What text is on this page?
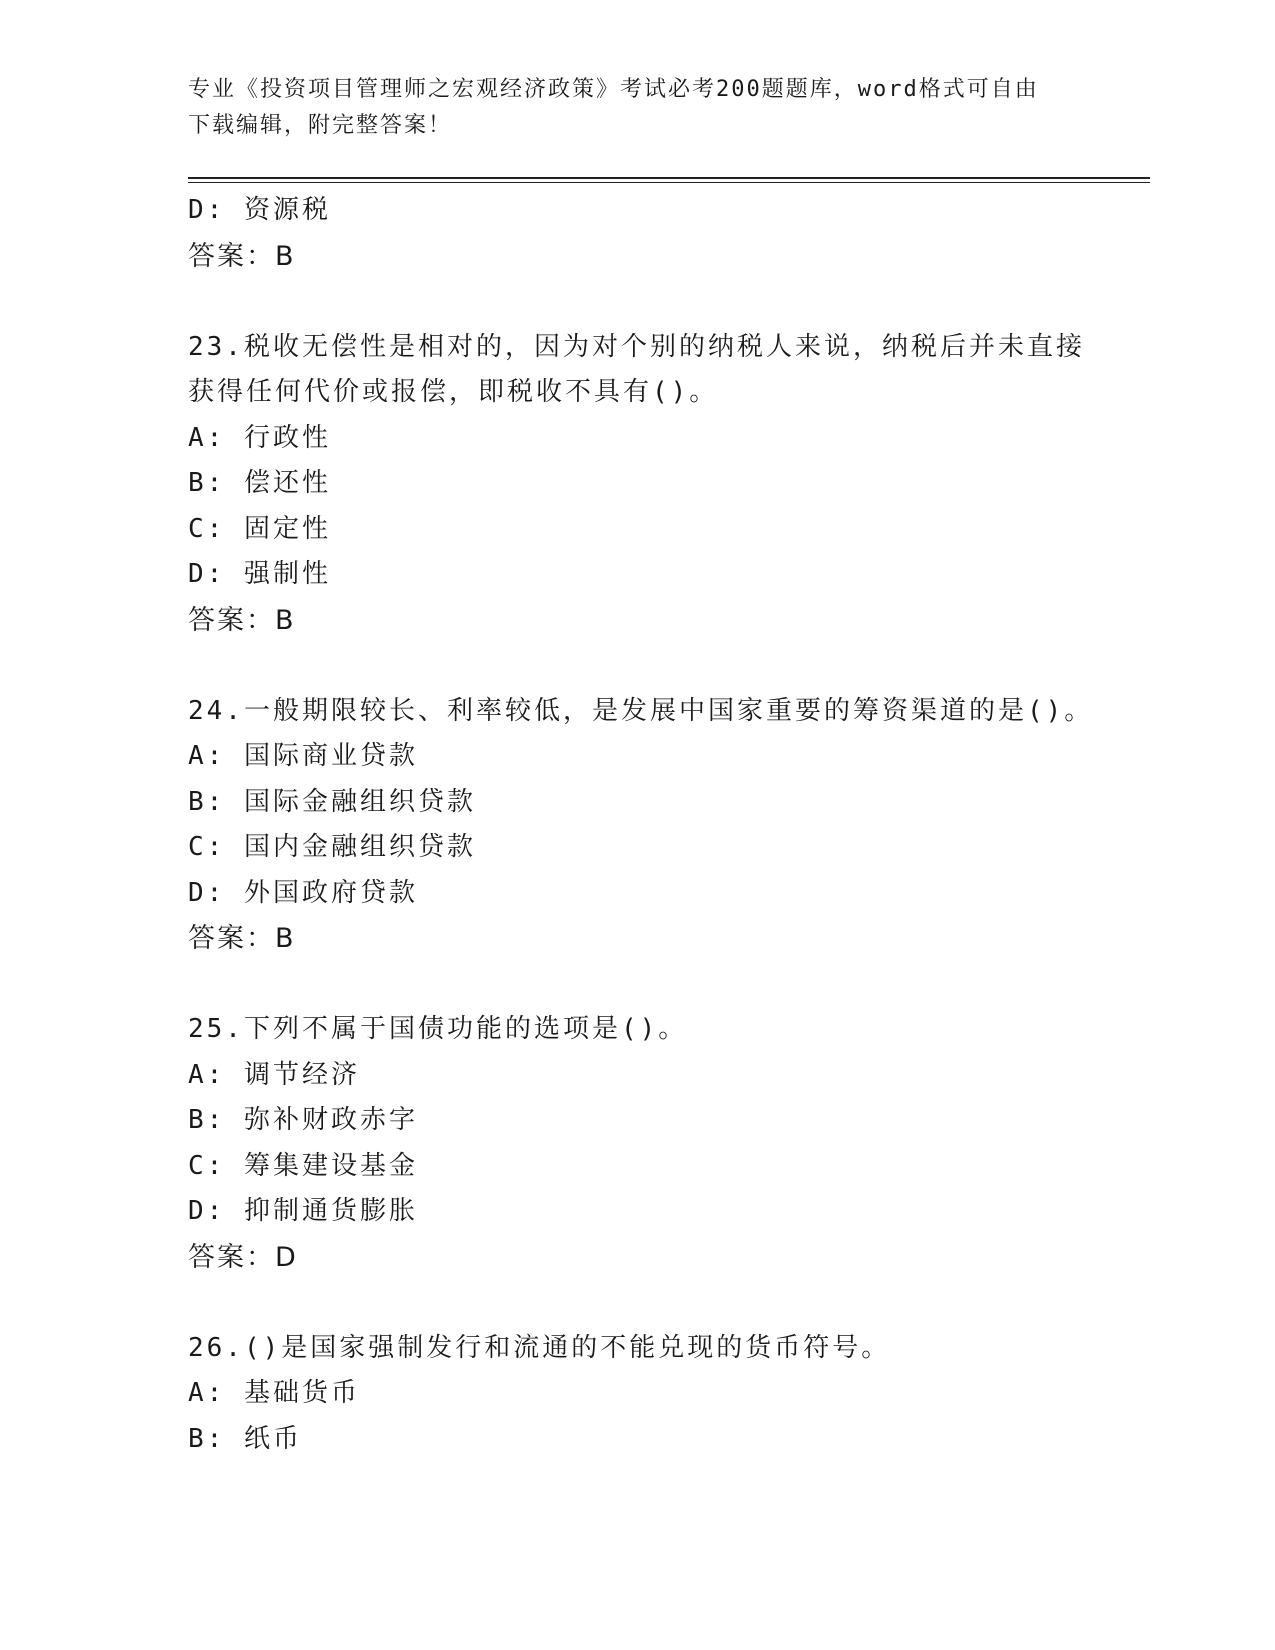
专业《投资项目管理师之宏观经济政策》考试必考200题题库，word格式可自由
下载编辑，附完整答案！
D: 资源税
答案：B
23.税收无偿性是相对的，因为对个别的纳税人来说，纳税后并未直接
获得任何代价或报偿，即税收不具有()。
A: 行政性
B: 偿还性
C: 固定性
D: 强制性
答案：B
24.一般期限较长、利率较低，是发展中国家重要的筹资渠道的是()。
A: 国际商业贷款
B: 国际金融组织贷款
C: 国内金融组织贷款
D: 外国政府贷款
答案：B
25.下列不属于国债功能的选项是()。
A: 调节经济
B: 弥补财政赤字
C: 筹集建设基金
D: 抑制通货膨胀
答案：D
26.()是国家强制发行和流通的不能兑现的货币符号。
A: 基础货币
B: 纸币
